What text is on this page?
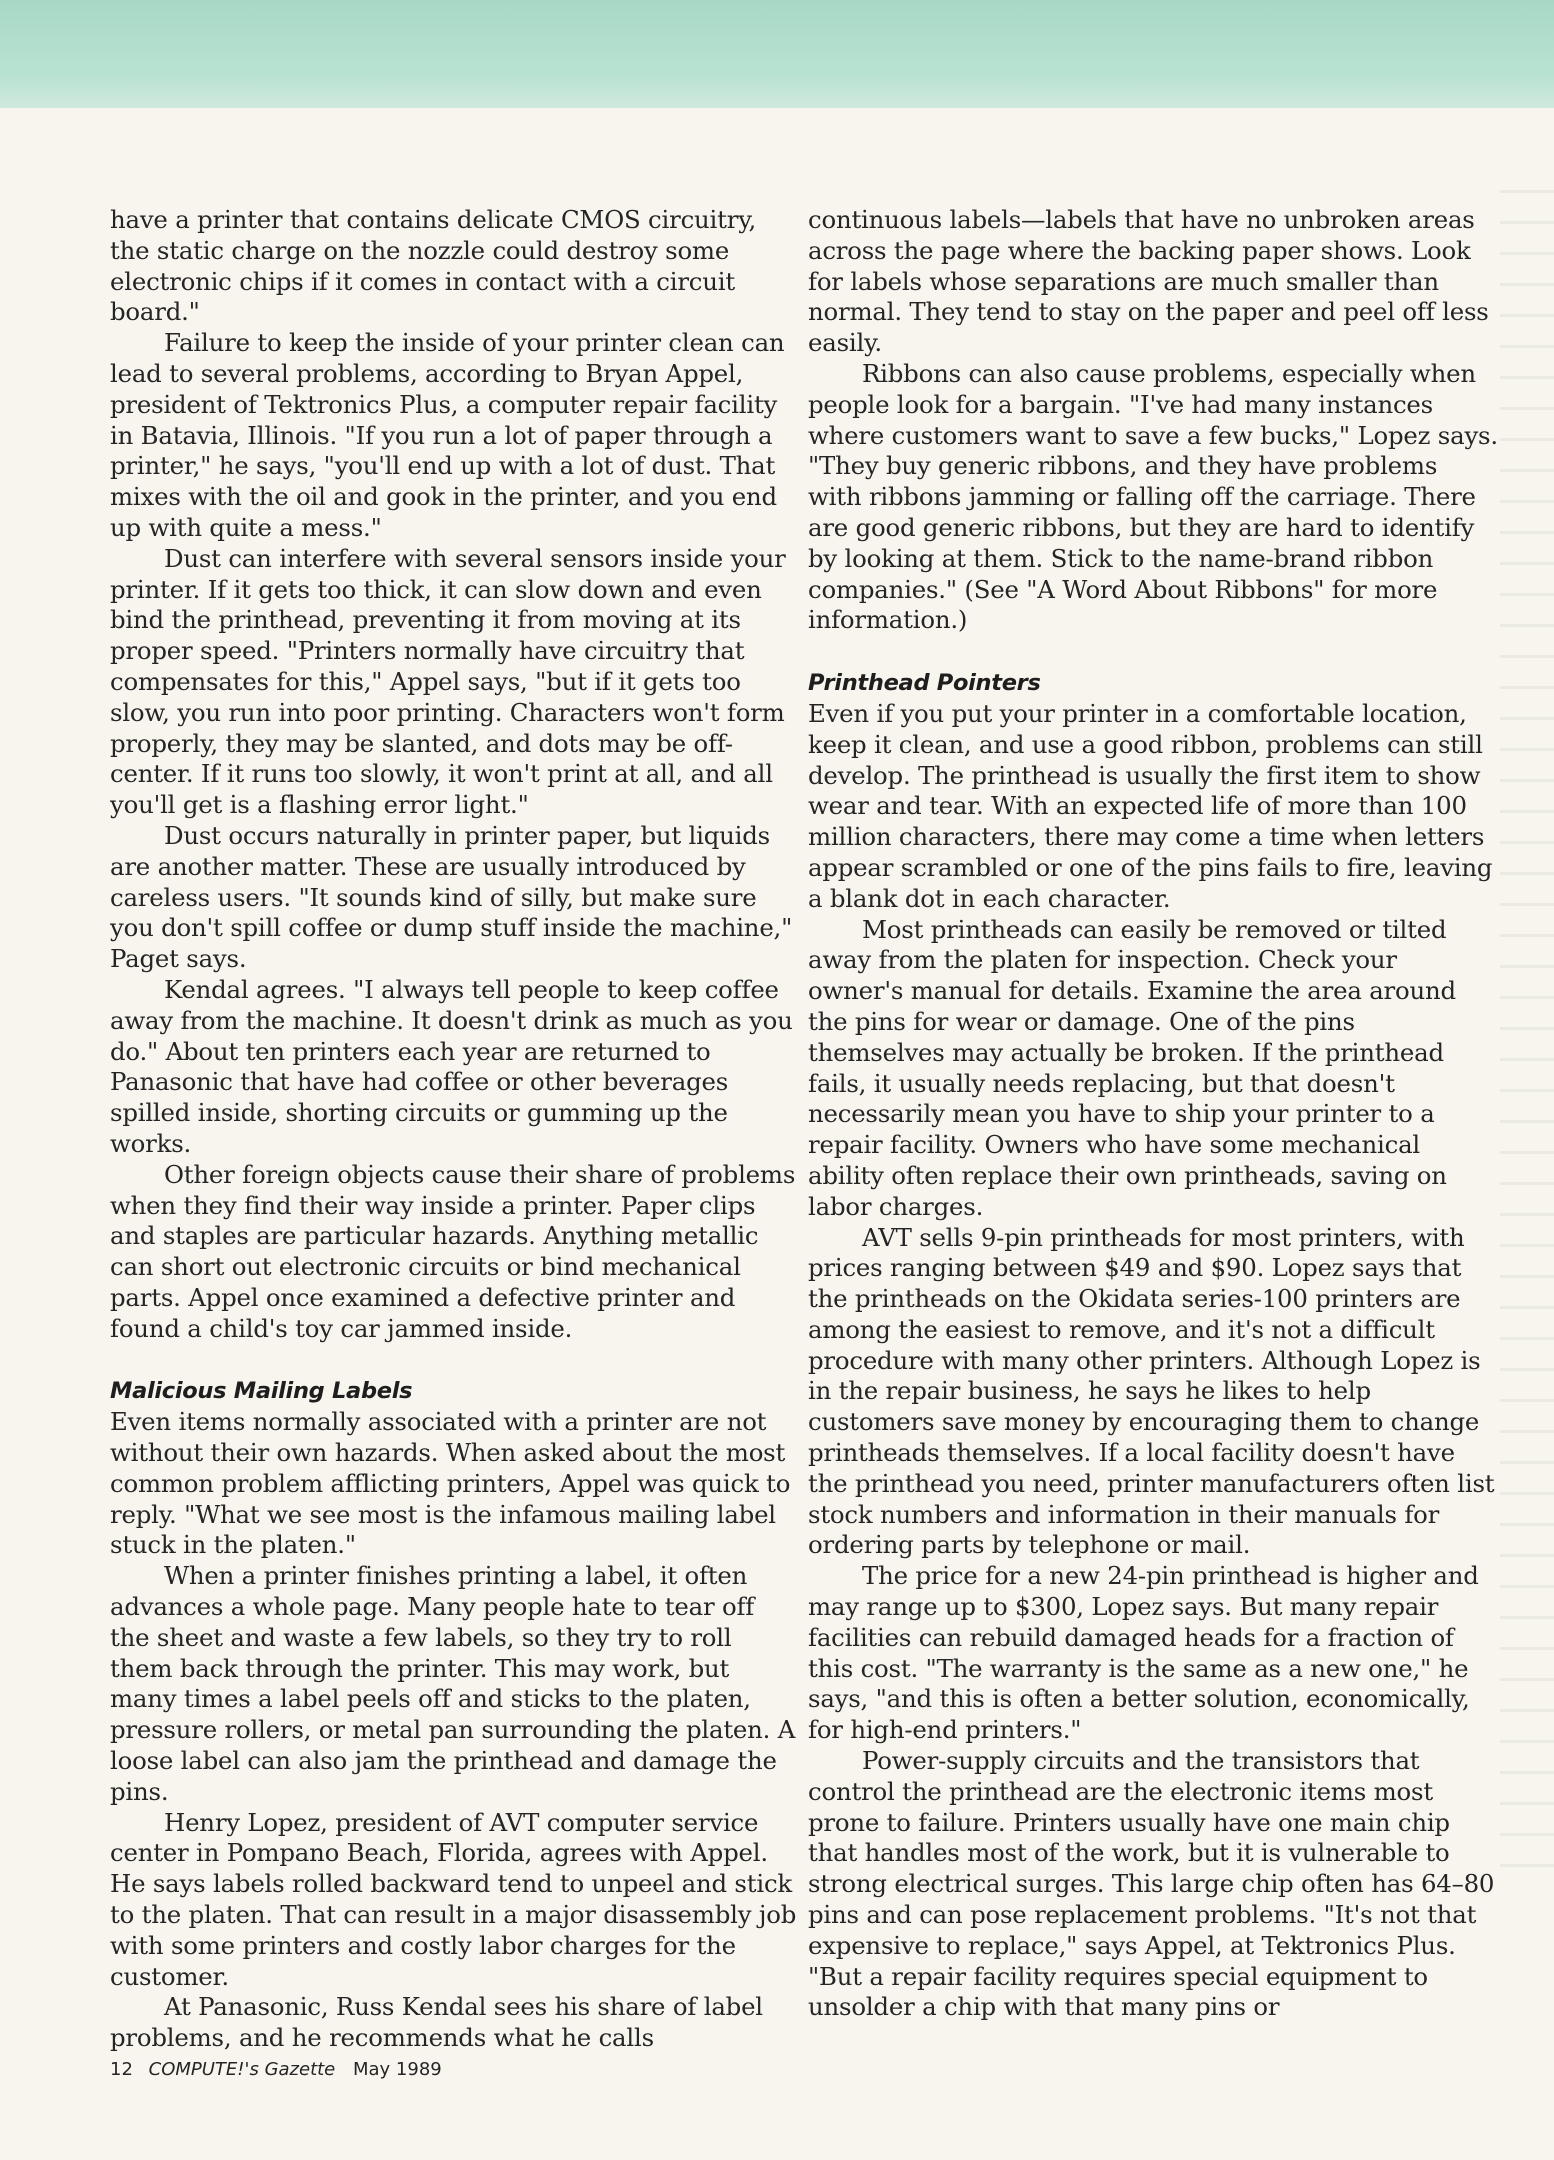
have a printer that contains delicate CMOS circuitry, the static charge on the nozzle could destroy some electronic chips if it comes in contact with a circuit board."

Failure to keep the inside of your printer clean can lead to several problems, according to Bryan Appel, president of Tektronics Plus, a computer repair facility in Batavia, Illinois. "If you run a lot of paper through a printer," he says, "you'll end up with a lot of dust. That mixes with the oil and gook in the printer, and you end up with quite a mess."

Dust can interfere with several sensors inside your printer. If it gets too thick, it can slow down and even bind the printhead, preventing it from moving at its proper speed. "Printers normally have circuitry that compensates for this," Appel says, "but if it gets too slow, you run into poor printing. Characters won't form properly, they may be slanted, and dots may be off-center. If it runs too slowly, it won't print at all, and all you'll get is a flashing error light."

Dust occurs naturally in printer paper, but liquids are another matter. These are usually introduced by careless users. "It sounds kind of silly, but make sure you don't spill coffee or dump stuff inside the machine," Paget says.

Kendal agrees. "I always tell people to keep coffee away from the machine. It doesn't drink as much as you do." About ten printers each year are returned to Panasonic that have had coffee or other beverages spilled inside, shorting circuits or gumming up the works.

Other foreign objects cause their share of problems when they find their way inside a printer. Paper clips and staples are particular hazards. Anything metallic can short out electronic circuits or bind mechanical parts. Appel once examined a defective printer and found a child's toy car jammed inside.

Malicious Mailing Labels

Even items normally associated with a printer are not without their own hazards. When asked about the most common problem afflicting printers, Appel was quick to reply. "What we see most is the infamous mailing label stuck in the platen."

When a printer finishes printing a label, it often advances a whole page. Many people hate to tear off the sheet and waste a few labels, so they try to roll them back through the printer. This may work, but many times a label peels off and sticks to the platen, pressure rollers, or metal pan surrounding the platen. A loose label can also jam the printhead and damage the pins.

Henry Lopez, president of AVT computer service center in Pompano Beach, Florida, agrees with Appel. He says labels rolled backward tend to unpeel and stick to the platen. That can result in a major disassembly job with some printers and costly labor charges for the customer.

At Panasonic, Russ Kendal sees his share of label problems, and he recommends what he calls

continuous labels—labels that have no unbroken areas across the page where the backing paper shows. Look for labels whose separations are much smaller than normal. They tend to stay on the paper and peel off less easily.

Ribbons can also cause problems, especially when people look for a bargain. "I've had many instances where customers want to save a few bucks," Lopez says. "They buy generic ribbons, and they have problems with ribbons jamming or falling off the carriage. There are good generic ribbons, but they are hard to identify by looking at them. Stick to the name-brand ribbon companies." (See "A Word About Ribbons" for more information.)

Printhead Pointers

Even if you put your printer in a comfortable location, keep it clean, and use a good ribbon, problems can still develop. The printhead is usually the first item to show wear and tear. With an expected life of more than 100 million characters, there may come a time when letters appear scrambled or one of the pins fails to fire, leaving a blank dot in each character.

Most printheads can easily be removed or tilted away from the platen for inspection. Check your owner's manual for details. Examine the area around the pins for wear or damage. One of the pins themselves may actually be broken. If the printhead fails, it usually needs replacing, but that doesn't necessarily mean you have to ship your printer to a repair facility. Owners who have some mechanical ability often replace their own printheads, saving on labor charges.

AVT sells 9-pin printheads for most printers, with prices ranging between $49 and $90. Lopez says that the printheads on the Okidata series-100 printers are among the easiest to remove, and it's not a difficult procedure with many other printers. Although Lopez is in the repair business, he says he likes to help customers save money by encouraging them to change printheads themselves. If a local facility doesn't have the printhead you need, printer manufacturers often list stock numbers and information in their manuals for ordering parts by telephone or mail.

The price for a new 24-pin printhead is higher and may range up to $300, Lopez says. But many repair facilities can rebuild damaged heads for a fraction of this cost. "The warranty is the same as a new one," he says, "and this is often a better solution, economically, for high-end printers."

Power-supply circuits and the transistors that control the printhead are the electronic items most prone to failure. Printers usually have one main chip that handles most of the work, but it is vulnerable to strong electrical surges. This large chip often has 64–80 pins and can pose replacement problems. "It's not that expensive to replace," says Appel, at Tektronics Plus. "But a repair facility requires special equipment to unsolder a chip with that many pins or

12 COMPUTE!'s Gazette May 1989
